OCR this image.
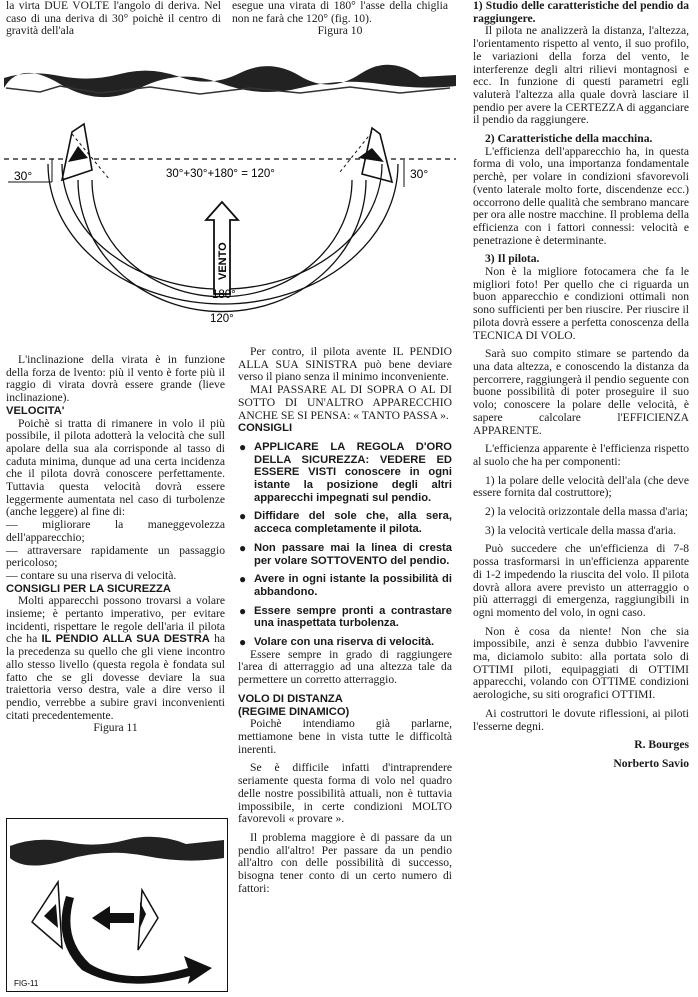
la virta DUE VOLTE l'angolo di deriva. Nel caso di una deriva di 30° poichè il centro di gravità dell'ala

esegue una virata di 180° l'asse della chiglia non ne farà che 120° (fig. 10).

Figura 10

30°	30°
30°+30°+180° = 120°
VENTO
180°
120°

L'inclinazione della virata è in funzione della forza de lvento: più il vento è forte più il raggio di virata dovrà essere grande (lieve inclinazione).

VELOCITA'

Poichè si tratta di rimanere in volo il più possibile, il pilota adotterà la velocità che sull apolare della sua ala corrisponde al tasso di caduta minima, dunque ad una certa incidenza che il pilota dovrà conoscere perfettamente. Tuttavia questa velocità dovrà essere leggermente aumentata nel caso di turbolenze (anche leggere) al fine di:

— migliorare la maneggevolezza dell'apparecchio;
— attraversare rapidamente un passaggio pericoloso;
— contare su una riserva di velocità.

CONSIGLI PER LA SICUREZZA

Molti apparecchi possono trovarsi a volare insieme; è pertanto imperativo, per evitare incidenti, rispettare le regole dell'aria il pilota che ha IL PENDIO ALLA SUA DESTRA ha la precedenza su quello che gli viene incontro allo stesso livello (questa regola è fondata sul fatto che se gli dovesse deviare la sua traiettoria verso destra, vale a dire verso il pendio, verrebbe a subire gravi inconvenienti citati precedentemente.

Figura 11

FIG-11

Per contro, il pilota avente IL PENDIO ALLA SUA SINISTRA può bene deviare verso il piano senza il minimo inconveniente.

MAI PASSARE AL DI SOPRA O AL DI SOTTO DI UN'ALTRO APPARECCHIO ANCHE SE SI PENSA: « TANTO PASSA ».

CONSIGLI

● APPLICARE LA REGOLA D'ORO DELLA SICUREZZA: VEDERE ED ESSERE VISTI conoscere in ogni istante la posizione degli altri apparecchi impegnati sul pendio.
● Diffidare del sole che, alla sera, acceca completamente il pilota.
● Non passare mai la linea di cresta per volare SOTTOVENTO del pendio.
● Avere in ogni istante la possibilità di abbandono.
● Essere sempre pronti a contrastare una inaspettata turbolenza.
● Volare con una riserva di velocità.

Essere sempre in grado di raggiungere l'area di atterraggio ad una altezza tale da permettere un corretto atterraggio.

VOLO DI DISTANZA

(REGIME DINAMICO)

Poichè intendiamo già parlarne, mettiamone bene in vista tutte le difficoltà inerenti.

Se è difficile infatti d'intraprendere seriamente questa forma di volo nel quadro delle nostre possibilità attuali, non è tuttavia impossibile, in certe condizioni MOLTO favorevoli « provare ».

Il problema maggiore è di passare da un pendio all'altro! Per passare da un pendio all'altro con delle possibilità di successo, bisogna tener conto di un certo numero di fattori:

1) Studio delle caratteristiche del pendio da raggiungere.

Il pilota ne analizzerà la distanza, l'altezza, l'orientamento rispetto al vento, il suo profilo, le variazioni della forza del vento, le interferenze degli altri rilievi montagnosi e ecc. In funzione di questi parametri egli valuterà l'altezza alla quale dovrà lasciare il pendio per avere la CERTEZZA di agganciare il pendio da raggiungere.

2) Caratteristiche della macchina.

L'efficienza dell'apparecchio ha, in questa forma di volo, una importanza fondamentale perchè, per volare in condizioni sfavorevoli (vento laterale molto forte, discendenze ecc.) occorrono delle qualità che sembrano mancare per ora alle nostre macchine. Il problema della efficienza con i fattori connessi: velocità e penetrazione è determinante.

3) Il pilota.

Non è la migliore fotocamera che fa le migliori foto! Per quello che ci riguarda un buon apparecchio e condizioni ottimali non sono sufficienti per ben riuscire. Per riuscire il pilota dovrà essere a perfetta conoscenza della TECNICA DI VOLO.

Sarà suo compito stimare se partendo da una data altezza, e conoscendo la distanza da percorrere, raggiungerà il pendio seguente con buone possibilità di poter proseguire il suo volo; conoscere la polare delle velocità, è sapere calcolare l'EFFICIENZA APPARENTE.

L'efficienza apparente è l'efficienza rispetto al suolo che ha per componenti:

1) la polare delle velocità dell'ala (che deve essere fornita dal costruttore);

2) la velocità orizzontale della massa d'aria;

3) la velocità verticale della massa d'aria.

Può succedere che un'efficienza di 7-8 possa trasformarsi in un'efficienza apparente di 1-2 impedendo la riuscita del volo. Il pilota dovrà allora avere previsto un atterraggio o più atterraggi di emergenza, raggiungibili in ogni momento del volo, in ogni caso.

Non è cosa da niente! Non che sia impossibile, anzi è senza dubbio l'avvenire ma, diciamolo subito: alla portata solo di OTTIMI piloti, equipaggiati di OTTIMI apparecchi, volando con OTTIME condizioni aerologiche, su siti orografici OTTIMI.

Ai costruttori le dovute riflessioni, ai piloti l'esserne degni.

R. Bourges

Norberto Savio
